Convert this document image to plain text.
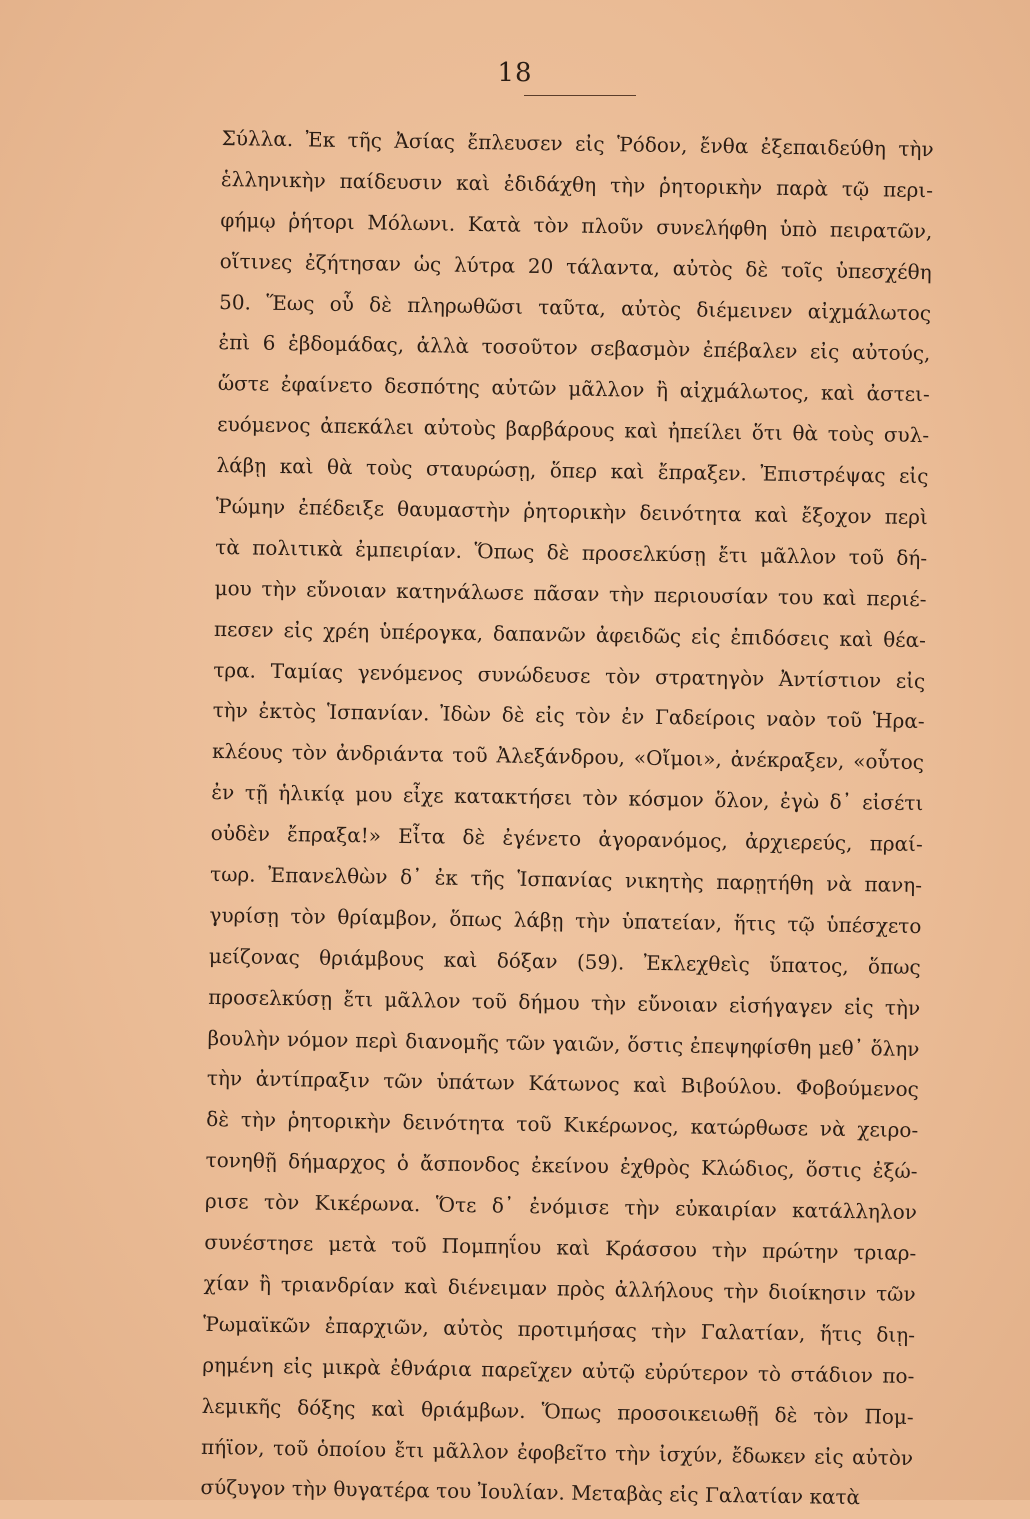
18
Σύλλα. Ἐκ τῆς Ἀσίας ἔπλευσεν εἰς Ῥόδον, ἔνθα ἐξεπαιδεύθη τὴν
ἑλληνικὴν παίδευσιν καὶ ἐδιδάχθη τὴν ῥητορικὴν παρὰ τῷ περι-
φήμῳ ῥήτορι Μόλωνι. Κατὰ τὸν πλοῦν συνελήφθη ὑπὸ πειρατῶν,
οἵτινες ἐζήτησαν ὡς λύτρα 20 τάλαντα, αὐτὸς δὲ τοῖς ὑπεσχέθη
50. Ἕως οὗ δὲ πληρωθῶσι ταῦτα, αὐτὸς διέμεινεν αἰχμάλωτος
ἐπὶ 6 ἑβδομάδας, ἀλλὰ τοσοῦτον σεβασμὸν ἐπέβαλεν εἰς αὐτούς,
ὥστε ἐφαίνετο δεσπότης αὐτῶν μᾶλλον ἢ αἰχμάλωτος, καὶ ἀστει-
ευόμενος ἀπεκάλει αὐτοὺς βαρβάρους καὶ ἠπείλει ὅτι θὰ τοὺς συλ-
λάβῃ καὶ θὰ τοὺς σταυρώσῃ, ὅπερ καὶ ἔπραξεν. Ἐπιστρέψας εἰς
Ῥώμην ἐπέδειξε θαυμαστὴν ῥητορικὴν δεινότητα καὶ ἔξοχον περὶ
τὰ πολιτικὰ ἐμπειρίαν. Ὅπως δὲ προσελκύσῃ ἔτι μᾶλλον τοῦ δή-
μου τὴν εὔνοιαν κατηνάλωσε πᾶσαν τὴν περιουσίαν του καὶ περιέ-
πεσεν εἰς χρέη ὑπέρογκα, δαπανῶν ἀφειδῶς εἰς ἐπιδόσεις καὶ θέα-
τρα. Ταμίας γενόμενος συνώδευσε τὸν στρατηγὸν Ἀντίστιον εἰς
τὴν ἐκτὸς Ἱσπανίαν. Ἰδὼν δὲ εἰς τὸν ἐν Γαδείροις ναὸν τοῦ Ἡρα-
κλέους τὸν ἀνδριάντα τοῦ Ἀλεξάνδρου, «Οἴμοι», ἀνέκραξεν, «οὗτος
ἐν τῇ ἡλικίᾳ μου εἶχε κατακτήσει τὸν κόσμον ὅλον, ἐγὼ δ᾿ εἰσέτι
οὐδὲν ἔπραξα!» Εἶτα δὲ ἐγένετο ἀγορανόμος, ἀρχιερεύς, πραί-
τωρ. Ἐπανελθὼν δ᾿ ἐκ τῆς Ἱσπανίας νικητὴς παρῃτήθη νὰ πανη-
γυρίσῃ τὸν θρίαμβον, ὅπως λάβῃ τὴν ὑπατείαν, ἥτις τῷ ὑπέσχετο
μείζονας θριάμβους καὶ δόξαν (59). Ἐκλεχθεὶς ὕπατος, ὅπως
προσελκύσῃ ἔτι μᾶλλον τοῦ δήμου τὴν εὔνοιαν εἰσήγαγεν εἰς τὴν
βουλὴν νόμον περὶ διανομῆς τῶν γαιῶν, ὅστις ἐπεψηφίσθη μεθ᾿ ὅλην
τὴν ἀντίπραξιν τῶν ὑπάτων Κάτωνος καὶ Βιβούλου. Φοβούμενος
δὲ τὴν ῥητορικὴν δεινότητα τοῦ Κικέρωνος, κατώρθωσε νὰ χειρο-
τονηθῇ δήμαρχος ὁ ἄσπονδος ἐκείνου ἐχθρὸς Κλώδιος, ὅστις ἐξώ-
ρισε τὸν Κικέρωνα. Ὅτε δ᾿ ἐνόμισε τὴν εὐκαιρίαν κατάλληλον
συνέστησε μετὰ τοῦ Πομπηΐου καὶ Κράσσου τὴν πρώτην τριαρ-
χίαν ἢ τριανδρίαν καὶ διένειμαν πρὸς ἀλλήλους τὴν διοίκησιν τῶν
Ῥωμαϊκῶν ἐπαρχιῶν, αὐτὸς προτιμήσας τὴν Γαλατίαν, ἥτις διῃ-
ρημένη εἰς μικρὰ ἐθνάρια παρεῖχεν αὐτῷ εὐρύτερον τὸ στάδιον πο-
λεμικῆς δόξης καὶ θριάμβων. Ὅπως προσοικειωθῇ δὲ τὸν Πομ-
πήϊον, τοῦ ὁποίου ἔτι μᾶλλον ἐφοβεῖτο τὴν ἰσχύν, ἔδωκεν εἰς αὐτὸν
σύζυγον τὴν θυγατέρα του Ἰουλίαν. Μεταβὰς εἰς Γαλατίαν κατὰ
